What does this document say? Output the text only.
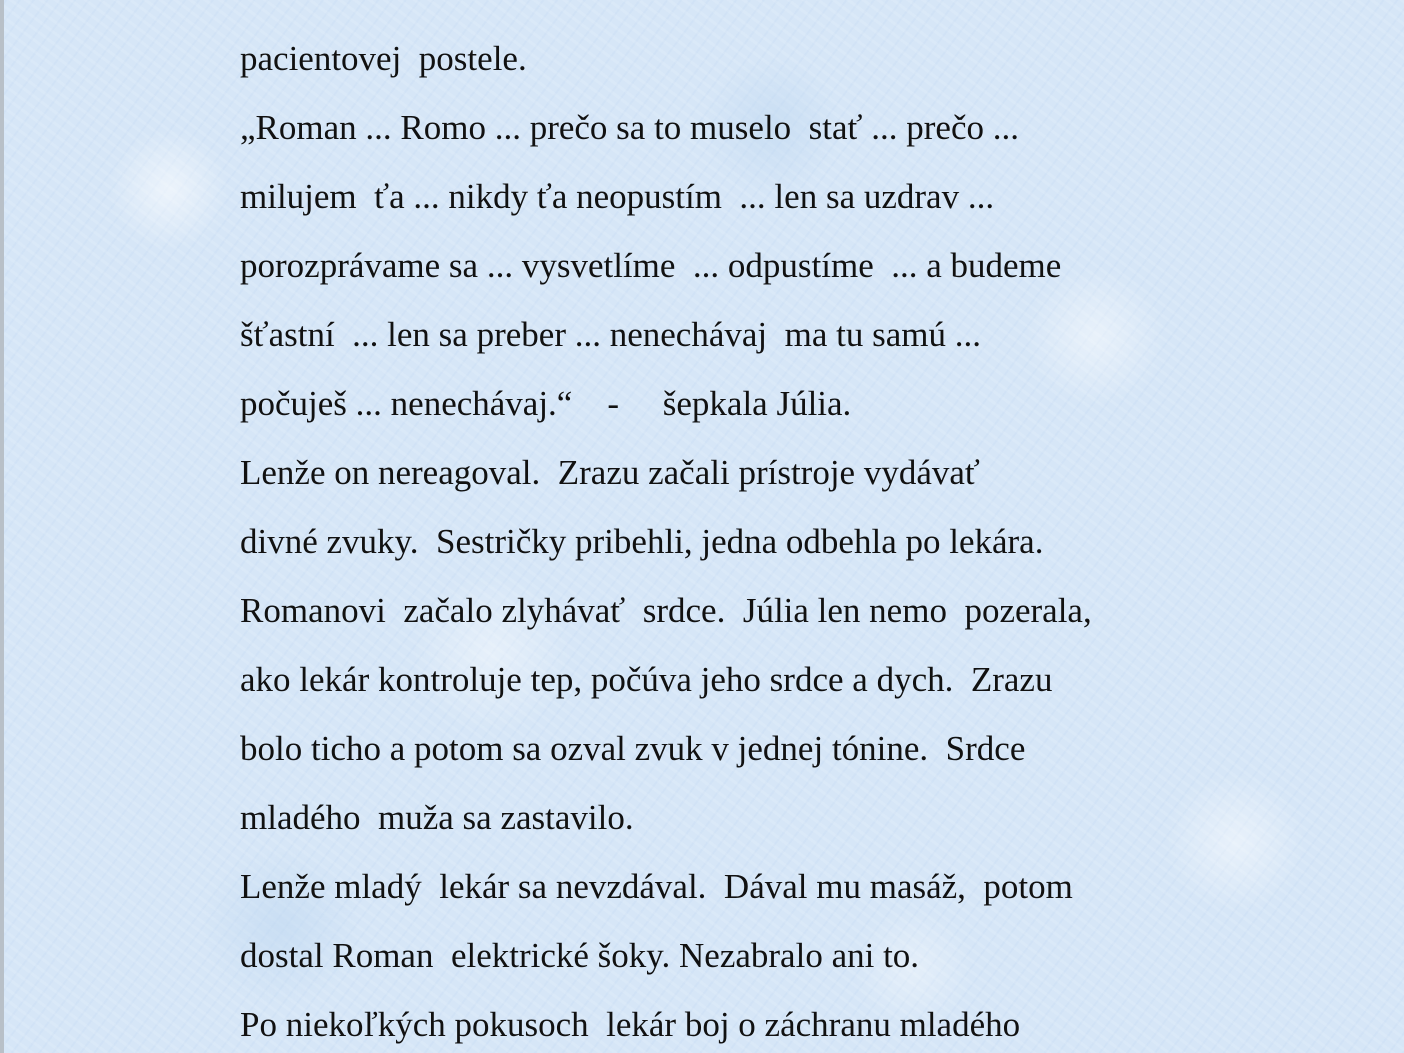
pacientovej  postele.
„Roman ... Romo ... prečo sa to muselo  stať ... prečo ...
milujem  ťa ... nikdy ťa neopustím  ... len sa uzdrav ...
porozprávame sa ... vysvetlíme  ... odpustíme  ... a budeme
šťastní  ... len sa preber ... nenechávaj  ma tu samú ...
počuješ ... nenechávaj.“    -     šepkala Júlia.
Lenže on nereagoval.  Zrazu začali prístroje vydávať
divné zvuky.  Sestričky pribehli, jedna odbehla po lekára.
Romanovi  začalo zlyhávať  srdce.  Júlia len nemo  pozerala,
ako lekár kontroluje tep, počúva jeho srdce a dych.  Zrazu
bolo ticho a potom sa ozval zvuk v jednej tónine.  Srdce
mladého  muža sa zastavilo.
Lenže mladý  lekár sa nevzdával.  Dával mu masáž,  potom
dostal Roman  elektrické šoky. Nezabralo ani to.
Po niekoľkých pokusoch  lekár boj o záchranu mladého
